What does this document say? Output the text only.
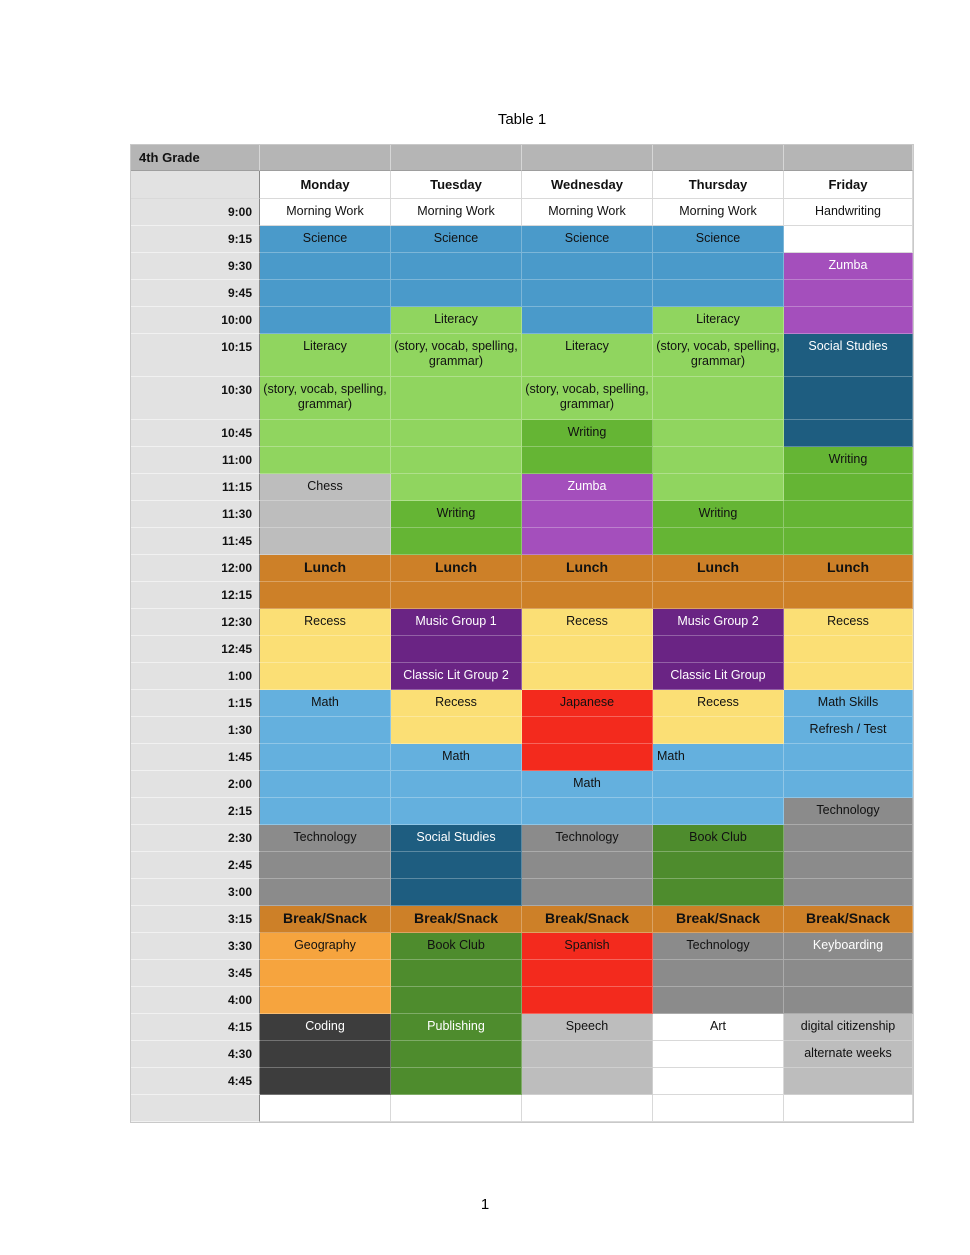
Table 1
4th Grade					
	Monday	Tuesday	Wednesday	Thursday	Friday
9:00	Morning Work	Morning Work	Morning Work	Morning Work	Handwriting
9:15	Science	Science	Science	Science	
9:30					Zumba
9:45					
10:00		Literacy		Literacy	
10:15	Literacy	(story, vocab, spelling, grammar)	Literacy	(story, vocab, spelling, grammar)	Social Studies
10:30	(story, vocab, spelling, grammar)		(story, vocab, spelling, grammar)		
10:45			Writing		
11:00					Writing
11:15	Chess		Zumba		
11:30		Writing		Writing	
11:45					
12:00	Lunch	Lunch	Lunch	Lunch	Lunch
12:15					
12:30	Recess	Music Group 1	Recess	Music Group 2	Recess
12:45					
1:00		Classic Lit Group 2		Classic Lit Group	
1:15	Math	Recess	Japanese	Recess	Math Skills
1:30					Refresh / Test
1:45		Math		Math	
2:00			Math		
2:15					Technology
2:30	Technology	Social Studies	Technology	Book Club	
2:45					
3:00					
3:15	Break/Snack	Break/Snack	Break/Snack	Break/Snack	Break/Snack
3:30	Geography	Book Club	Spanish	Technology	Keyboarding
3:45					
4:00					
4:15	Coding	Publishing	Speech	Art	digital citizenship
4:30					alternate weeks
4:45					

1
